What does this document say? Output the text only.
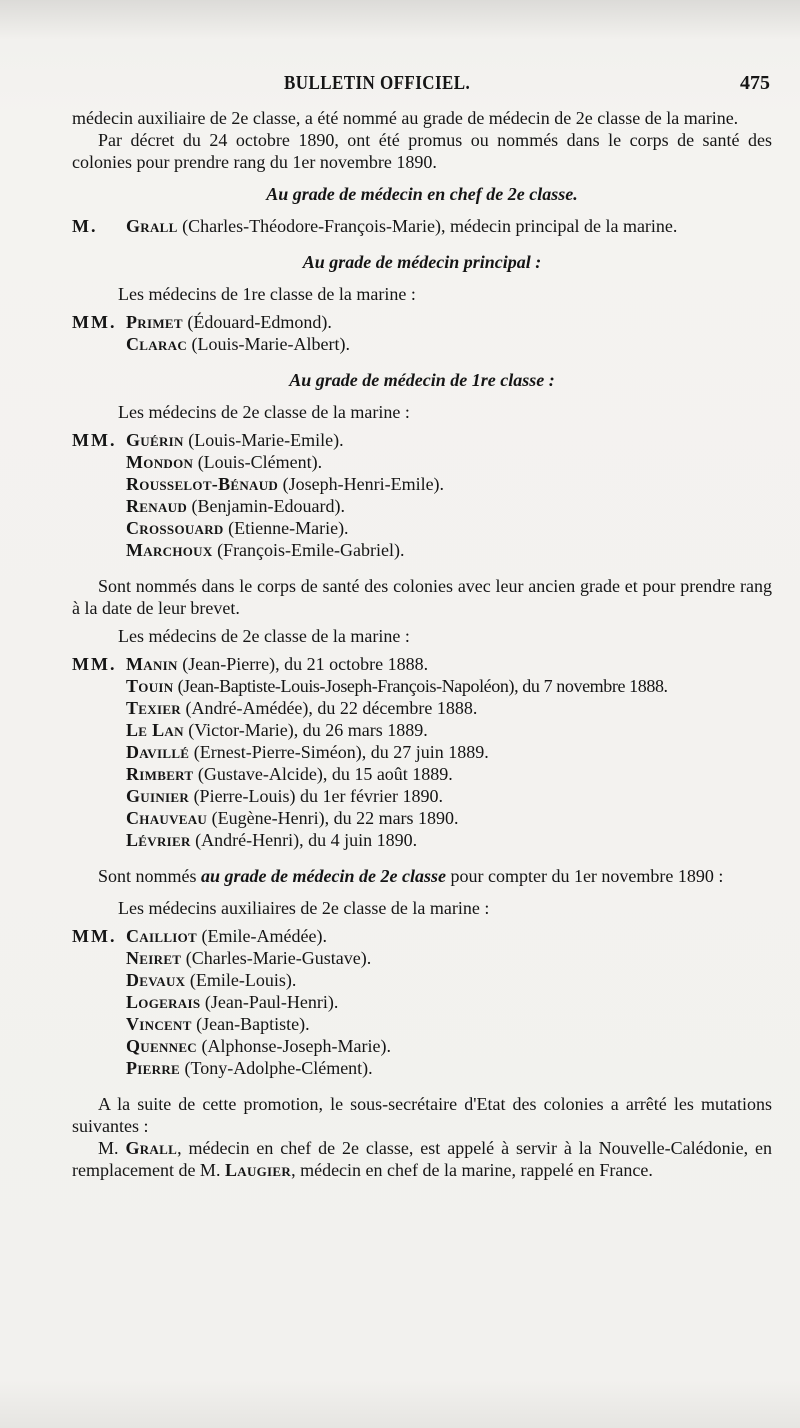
BULLETIN OFFICIEL.	475

médecin auxiliaire de 2e classe, a été nommé au grade de médecin de 2e classe de la marine.

Par décret du 24 octobre 1890, ont été promus ou nommés dans le corps de santé des colonies pour prendre rang du 1er novembre 1890.

Au grade de médecin en chef de 2e classe.

M. Grall (Charles-Théodore-François-Marie), médecin principal de la marine.

Au grade de médecin principal :

Les médecins de 1re classe de la marine :

MM. Primet (Édouard-Edmond).

Clarac (Louis-Marie-Albert).

Au grade de médecin de 1re classe :

Les médecins de 2e classe de la marine :

MM. Guérin (Louis-Marie-Emile).

Mondon (Louis-Clément).

Rousselot-Bénaud (Joseph-Henri-Emile).

Renaud (Benjamin-Edouard).

Crossouard (Etienne-Marie).

Marchoux (François-Emile-Gabriel).

Sont nommés dans le corps de santé des colonies avec leur ancien grade et pour prendre rang à la date de leur brevet.

Les médecins de 2e classe de la marine :

MM. Manin (Jean-Pierre), du 21 octobre 1888.

Touin (Jean-Baptiste-Louis-Joseph-François-Napoléon), du 7 novembre 1888.

Texier (André-Amédée), du 22 décembre 1888.

Le Lan (Victor-Marie), du 26 mars 1889.

Davillé (Ernest-Pierre-Siméon), du 27 juin 1889.

Rimbert (Gustave-Alcide), du 15 août 1889.

Guinier (Pierre-Louis) du 1er février 1890.

Chauveau (Eugène-Henri), du 22 mars 1890.

Lévrier (André-Henri), du 4 juin 1890.

Sont nommés au grade de médecin de 2e classe pour compter du 1er novembre 1890 :

Les médecins auxiliaires de 2e classe de la marine :

MM. Cailliot (Emile-Amédée).

Neiret (Charles-Marie-Gustave).

Devaux (Emile-Louis).

Logerais (Jean-Paul-Henri).

Vincent (Jean-Baptiste).

Quennec (Alphonse-Joseph-Marie).

Pierre (Tony-Adolphe-Clément).

A la suite de cette promotion, le sous-secrétaire d'Etat des colonies a arrêté les mutations suivantes :

M. Grall, médecin en chef de 2e classe, est appelé à servir à la Nouvelle-Calédonie, en remplacement de M. Laugier, médecin en chef de la marine, rappelé en France.
